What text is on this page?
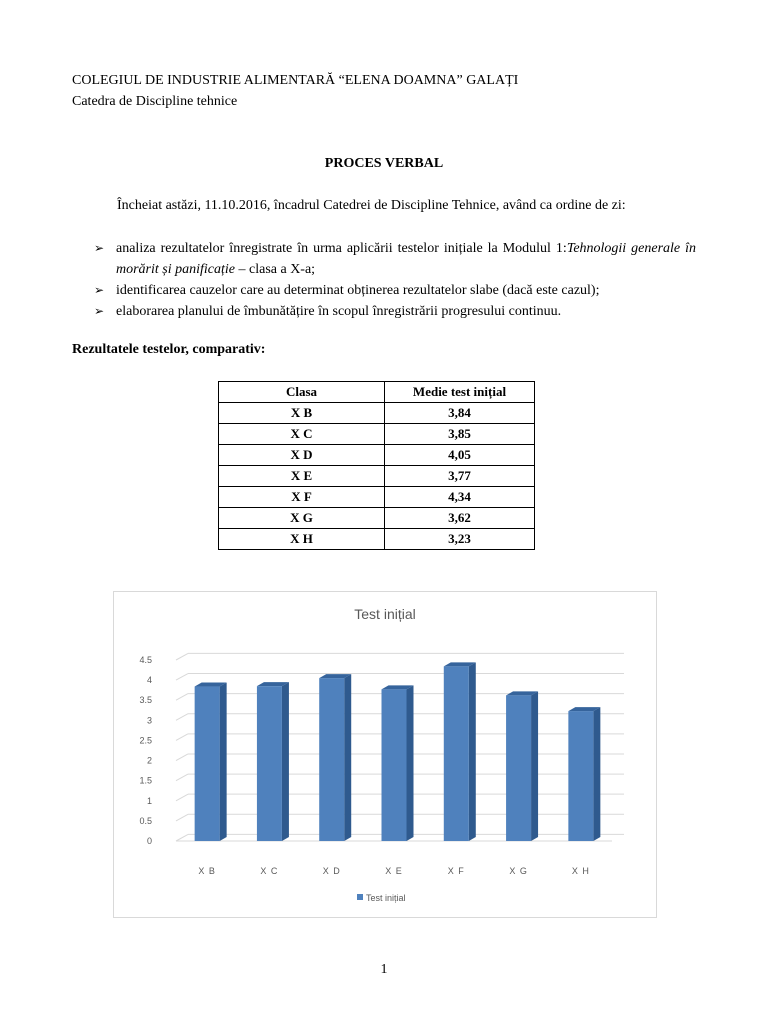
COLEGIUL DE INDUSTRIE ALIMENTARĂ “ELENA DOAMNA” GALAȚI
Catedra de Discipline tehnice
PROCES VERBAL
Încheiat astăzi, 11.10.2016, încadrul Catedrei de Discipline Tehnice, având ca ordine de zi:
➢ analiza rezultatelor înregistrate în urma aplicării testelor inițiale la Modulul 1:Tehnologii generale în morărit și panificație – clasa a X-a;
➢ identificarea cauzelor care au determinat obținerea rezultatelor slabe (dacă este cazul);
➢ elaborarea planului de îmbunătățire în scopul înregistrării progresului continuu.
Rezultatele testelor, comparativ:
Clasa	Medie test inițial
X B	3,84
X C	3,85
X D	4,05
X E	3,77
X F	4,34
X G	3,62
X H	3,23
Test inițial
0
0.5
1
1.5
2
2.5
3
3.5
4
4.5
X B	X C	X D	X E	X F	X G	X H
Test inițial
1
